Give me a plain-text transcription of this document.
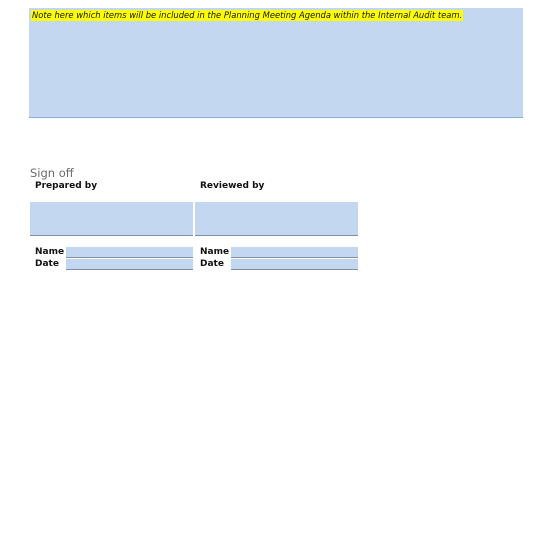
Note here which items will be included in the Planning Meeting Agenda within the Internal Audit team.
Sign off
Prepared by	Reviewed by
Name
Date
Name
Date
